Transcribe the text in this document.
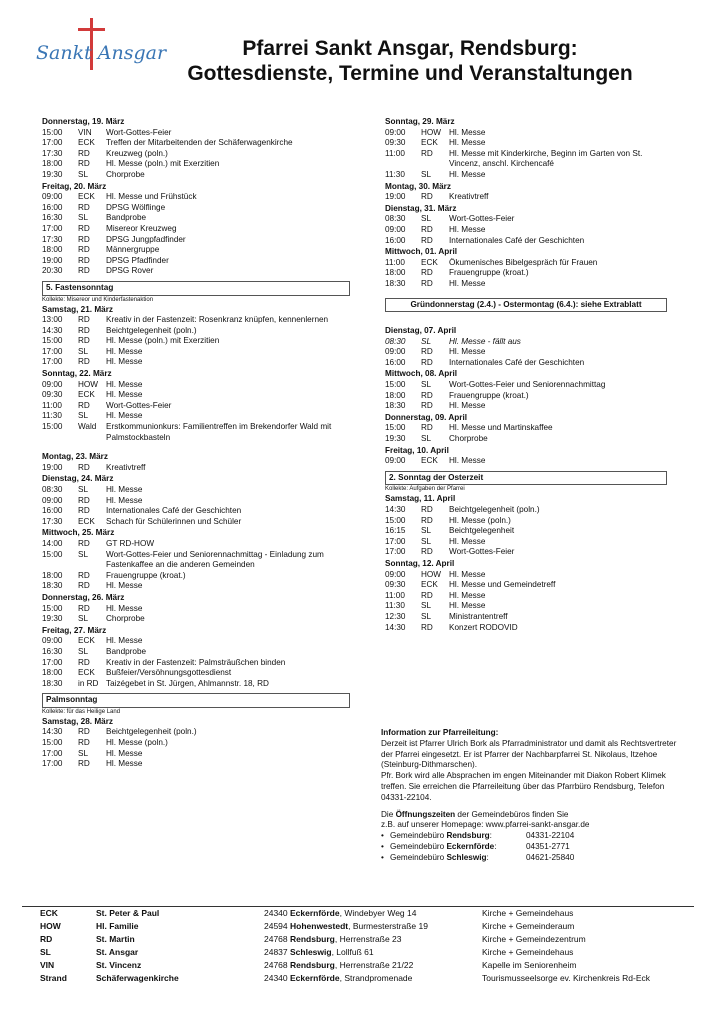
Sankt Ansgar	Pfarrei Sankt Ansgar, Rendsburg:
Gottesdienste, Termine und Veranstaltungen
Donnerstag, 19. März
15:00	VIN	Wort-Gottes-Feier
17:00	ECK	Treffen der Mitarbeitenden der Schäferwagenkirche
17:30	RD	Kreuzweg (poln.)
18:00	RD	Hl. Messe (poln.) mit Exerzitien
19:30	SL	Chorprobe
Freitag, 20. März
09:00	ECK	Hl. Messe und Frühstück
16:00	RD	DPSG Wölflinge
16:30	SL	Bandprobe
17:00	RD	Misereor Kreuzweg
17:30	RD	DPSG Jungpfadfinder
18:00	RD	Männergruppe
19:00	RD	DPSG Pfadfinder
20:30	RD	DPSG Rover
5. Fastensonntag
Kollekte: Misereor und Kinderfastenaktion
Samstag, 21. März
13:00	RD	Kreativ in der Fastenzeit: Rosenkranz knüpfen, kennenlernen
14:30	RD	Beichtgelegenheit (poln.)
15:00	RD	Hl. Messe (poln.) mit Exerzitien
17:00	SL	Hl. Messe
17:00	RD	Hl. Messe
Sonntag, 22. März
09:00	HOW Hl. Messe
09:30	ECK	Hl. Messe
11:00	RD	Wort-Gottes-Feier
11:30	SL	Hl. Messe
15:00	Wald	Erstkommunionkurs: Familientreffen im Brekendorfer Wald mit Palmstockbasteln
Montag, 23. März
19:00	RD	Kreativtreff
Dienstag, 24. März
08:30	SL	Hl. Messe
09:00	RD	Hl. Messe
16:00	RD	Internationales Café der Geschichten
17:30	ECK	Schach für Schülerinnen und Schüler
Mittwoch, 25. März
14:00	RD	GT RD-HOW
15:00	SL	Wort-Gottes-Feier und Seniorennachmittag - Einladung zum Fastenkaffee an die anderen Gemeinden
18:00	RD	Frauengruppe (kroat.)
18:30	RD	Hl. Messe
Donnerstag, 26. März
15:00	RD	Hl. Messe
19:30	SL	Chorprobe
Freitag, 27. März
09:00	ECK	Hl. Messe
16:30	SL	Bandprobe
17:00	RD	Kreativ in der Fastenzeit: Palmsträußchen binden
18:00	ECK	Bußfeier/Versöhnungsgottesdienst
18:30	in RD Taizégebet in St. Jürgen, Ahlmannstr. 18, RD
Palmsonntag
Kollekte: für das Heilige Land
Samstag, 28. März
14:30	RD	Beichtgelegenheit (poln.)
15:00	RD	Hl. Messe (poln.)
17:00	SL	Hl. Messe
17:00	RD	Hl. Messe
Sonntag, 29. März
09:00	HOW Hl. Messe
09:30	ECK	Hl. Messe
11:00	RD	Hl. Messe mit Kinderkirche, Beginn im Garten von St. Vincenz, anschl. Kirchencafé
11:30	SL	Hl. Messe
Montag, 30. März
19:00	RD	Kreativtreff
Dienstag, 31. März
08:30	SL	Wort-Gottes-Feier
09:00	RD	Hl. Messe
16:00	RD	Internationales Café der Geschichten
Mittwoch, 01. April
11:00	ECK	Ökumenisches Bibelgespräch für Frauen
18:00	RD	Frauengruppe (kroat.)
18:30	RD	Hl. Messe
Gründonnerstag (2.4.) - Ostermontag (6.4.): siehe Extrablatt
Dienstag, 07. April
08:30	SL	Hl. Messe - fällt aus
09:00	RD	Hl. Messe
16:00	RD	Internationales Café der Geschichten
Mittwoch, 08. April
15:00	SL	Wort-Gottes-Feier und Seniorennachmittag
18:00	RD	Frauengruppe (kroat.)
18:30	RD	Hl. Messe
Donnerstag, 09. April
15:00	RD	Hl. Messe und Martinskaffee
19:30	SL	Chorprobe
Freitag, 10. April
09:00	ECK	Hl. Messe
2. Sonntag der Osterzeit
Kollekte: Aufgaben der Pfarrei
Samstag, 11. April
14:30	RD	Beichtgelegenheit (poln.)
15:00	RD	Hl. Messe (poln.)
16:15	SL	Beichtgelegenheit
17:00	SL	Hl. Messe
17:00	RD	Wort-Gottes-Feier
Sonntag, 12. April
09:00	HOW Hl. Messe
09:30	ECK	Hl. Messe und Gemeindetreff
11:00	RD	Hl. Messe
11:30	SL	Hl. Messe
12:30	SL	Ministrantentreff
14:30	RD	Konzert RODOVID
Information zur Pfarreileitung:
Derzeit ist Pfarrer Ulrich Bork als Pfarradministrator und damit als Rechtsvertreter der Pfarrei eingesetzt. Er ist Pfarrer der Nachbarpfarrei St. Nikolaus, Itzehoe (Steinburg-Dithmarschen).
Pfr. Bork wird alle Absprachen im engen Miteinander mit Diakon Robert Klimek treffen. Sie erreichen die Pfarreileitung über das Pfarrbüro Rendsburg, Telefon 04331-22104.
Die Öffnungszeiten der Gemeindebüros finden Sie
z.B. auf unserer Homepage: www.pfarrei-sankt-ansgar.de
• Gemeindebüro Rendsburg:	04331-22104
• Gemeindebüro Eckernförde:	04351-2771
• Gemeindebüro Schleswig:	04621-25840
ECK	St. Peter & Paul	24340 Eckernförde, Windebyer Weg 14	Kirche + Gemeindehaus
HOW	Hl. Familie	24594 Hohenwestedt, Burmesterstraße 19	Kirche + Gemeinderaum
RD	St. Martin	24768 Rendsburg, Herrenstraße 23	Kirche + Gemeindezentrum
SL	St. Ansgar	24837 Schleswig, Lollfuß 61	Kirche + Gemeindehaus
VIN	St. Vincenz	24768 Rendsburg, Herrenstraße 21/22	Kapelle im Seniorenheim
Strand	Schäferwagenkirche	24340 Eckernförde, Strandpromenade	Tourismusseelsorge ev. Kirchenkreis Rd-Eck
